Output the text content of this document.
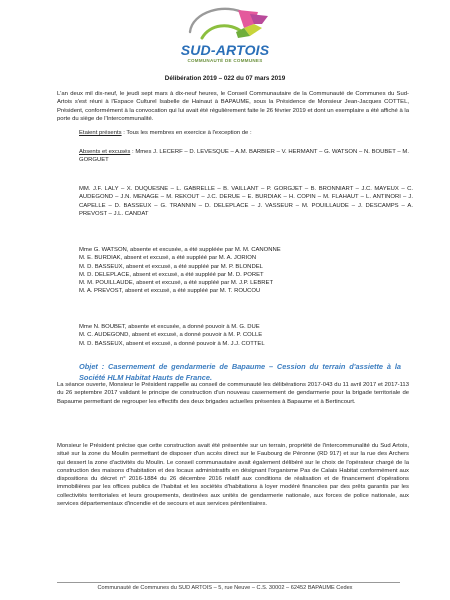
SUD-ARTOIS
COMMUNAUTÉ DE COMMUNES
Délibération 2019 – 022 du 07 mars 2019

L'an deux mil dix-neuf, le jeudi sept mars à dix-neuf heures, le Conseil Communautaire de la Communauté de Communes du Sud-Artois s'est réuni à l'Espace Culturel Isabelle de Hainaut à BAPAUME, sous la Présidence de Monsieur Jean-Jacques COTTEL, Président, conformément à la convocation qui lui avait été régulièrement faite le 26 février 2019 et dont un exemplaire a été affiché à la porte du siège de l'Intercommunalité.

Etaient présents : Tous les membres en exercice à l'exception de :

Absents et excusés : Mmes J. LECERF – D. LEVESQUE – A.M. BARBIER – V. HERMANT – G. WATSON – N. BOUBET – M. GORGUET

MM. J.F. LALY – X. DUQUESNE – L. GABRELLE – B. VAILLANT – P. GORGJET – B. BRONNIART – J.C. MAYEUX – C. AUDEGOND – J.N. MENAGE – M. REKOUT – J.C. DERUE – E. BURDIAK – H. COPIN – M. FLAHAUT – L. ANTINORI – J. CAPELLE – D. BASSEUX – G. TRANNIN – D. DELEPLACE – J. VASSEUR – M. POUILLAUDE – J. DESCAMPS – A. PREVOST – J.L. CANDAT

Mme G. WATSON, absente et excusée, a été suppléée par M. M. CANONNE
M. E. BURDIAK, absent et excusé, a été suppléé par M. A. JORION
M. D. BASSEUX, absent et excusé, a été suppléé par M. P. BLONDEL
M. D. DELEPLACE, absent et excusé, a été suppléé par M. D. PORET
M. M. POUILLAUDE, absent et excusé, a été suppléé par M. J.P. LEBRET
M. A. PREVOST, absent et excusé, a été suppléé par M. T. ROUCOU
Mme N. BOUBET, absente et excusée, a donné pouvoir à M. G. DUE
M. C. AUDEGOND, absent et excusé, a donné pouvoir à M. P. COLLE
M. D. BASSEUX, absent et excusé, a donné pouvoir à M. J.J. COTTEL

Objet : Casernement de gendarmerie de Bapaume – Cession du terrain d'assiette à la Société HLM Habitat Hauts de France.

La séance ouverte, Monsieur le Président rappelle au conseil de communauté les délibérations 2017-043 du 11 avril 2017 et 2017-113 du 26 septembre 2017 validant le principe de construction d'un nouveau casernement de gendarmerie pour la brigade territoriale de Bapaume permettant de regrouper les effectifs des deux brigades actuelles présentes à Bapaume et à Bertincourt.

Monsieur le Président précise que cette construction avait été présentée sur un terrain, propriété de l'intercommunalité du Sud Artois, situé sur la zone du Moulin permettant de disposer d'un accès direct sur le Faubourg de Péronne (RD 917) et sur la rue des Archers qui dessert la zone d'activités du Moulin. Le conseil communautaire avait également délibéré sur le choix de l'opérateur chargé de la construction des maisons d'habitation et des locaux administratifs en désignant l'organisme Pas de Calais Habitat conformément aux dispositions du décret n° 2016-1884 du 26 décembre 2016 relatif aux conditions de réalisation et de financement d'opérations immobilières par les offices publics de l'habitat et les sociétés d'habitations à loyer modéré financées par des prêts garantis par les collectivités territoriales et leurs groupements, destinées aux unités de gendarmerie nationale, aux forces de police nationale, aux services départementaux d'incendie et de secours et aux services pénitentiaires.

Communauté de Communes du SUD ARTOIS – 5, rue Neuve – C.S. 30002 – 62452 BAPAUME Cedex
